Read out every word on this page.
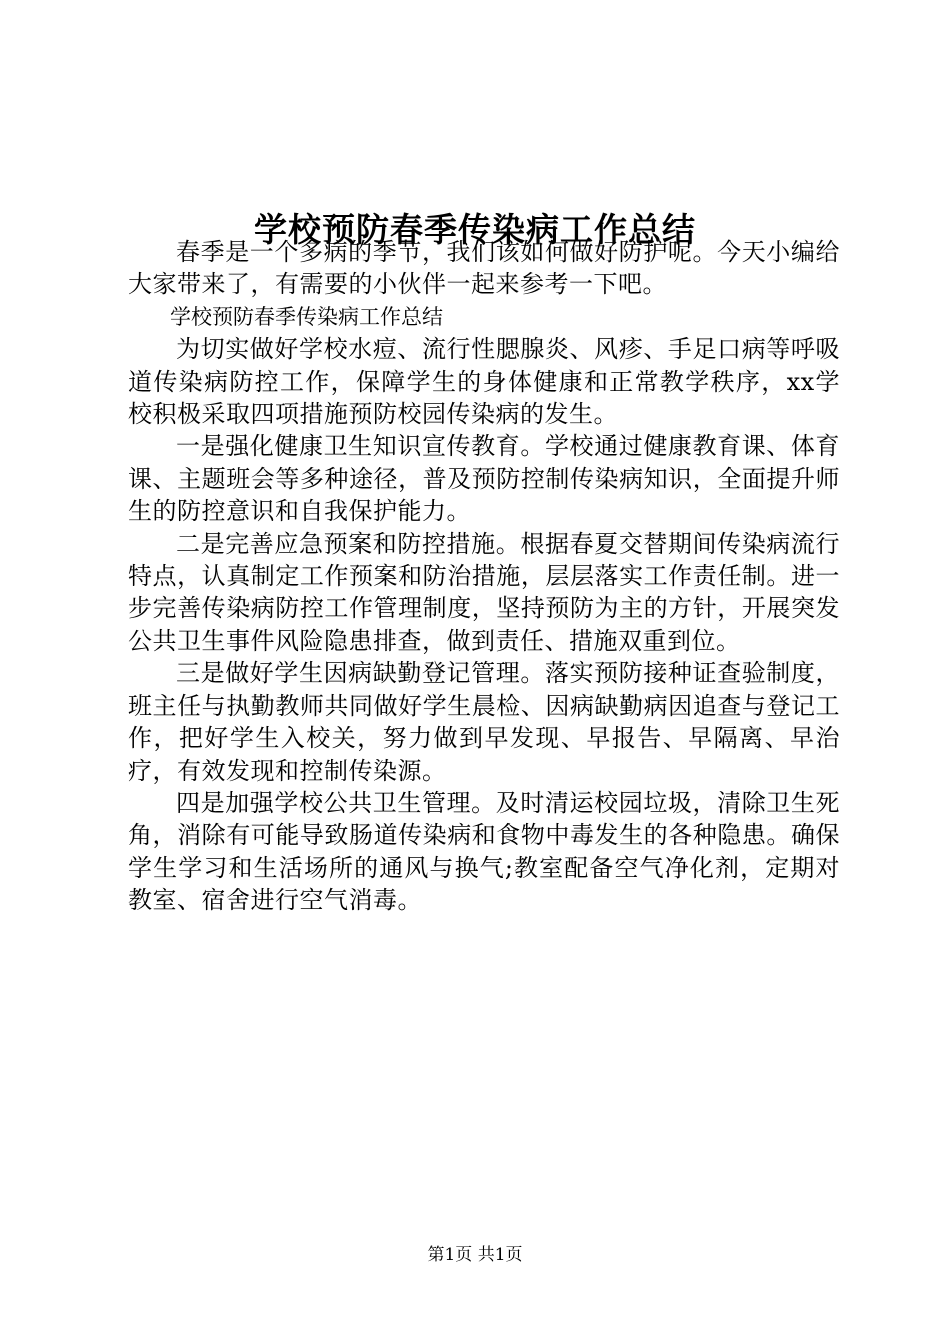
学校预防春季传染病工作总结

春季是一个多病的季节，我们该如何做好防护呢。今天小编给大家带来了，有需要的小伙伴一起来参考一下吧。

学校预防春季传染病工作总结

为切实做好学校水痘、流行性腮腺炎、风疹、手足口病等呼吸道传染病防控工作，保障学生的身体健康和正常教学秩序，xx学校积极采取四项措施预防校园传染病的发生。

一是强化健康卫生知识宣传教育。学校通过健康教育课、体育课、主题班会等多种途径，普及预防控制传染病知识，全面提升师生的防控意识和自我保护能力。

二是完善应急预案和防控措施。根据春夏交替期间传染病流行特点，认真制定工作预案和防治措施，层层落实工作责任制。进一步完善传染病防控工作管理制度，坚持预防为主的方针，开展突发公共卫生事件风险隐患排查，做到责任、措施双重到位。

三是做好学生因病缺勤登记管理。落实预防接种证查验制度，班主任与执勤教师共同做好学生晨检、因病缺勤病因追查与登记工作，把好学生入校关，努力做到早发现、早报告、早隔离、早治疗，有效发现和控制传染源。

四是加强学校公共卫生管理。及时清运校园垃圾，清除卫生死角，消除有可能导致肠道传染病和食物中毒发生的各种隐患。确保学生学习和生活场所的通风与换气;教室配备空气净化剂，定期对教室、宿舍进行空气消毒。

第1页 共1页
